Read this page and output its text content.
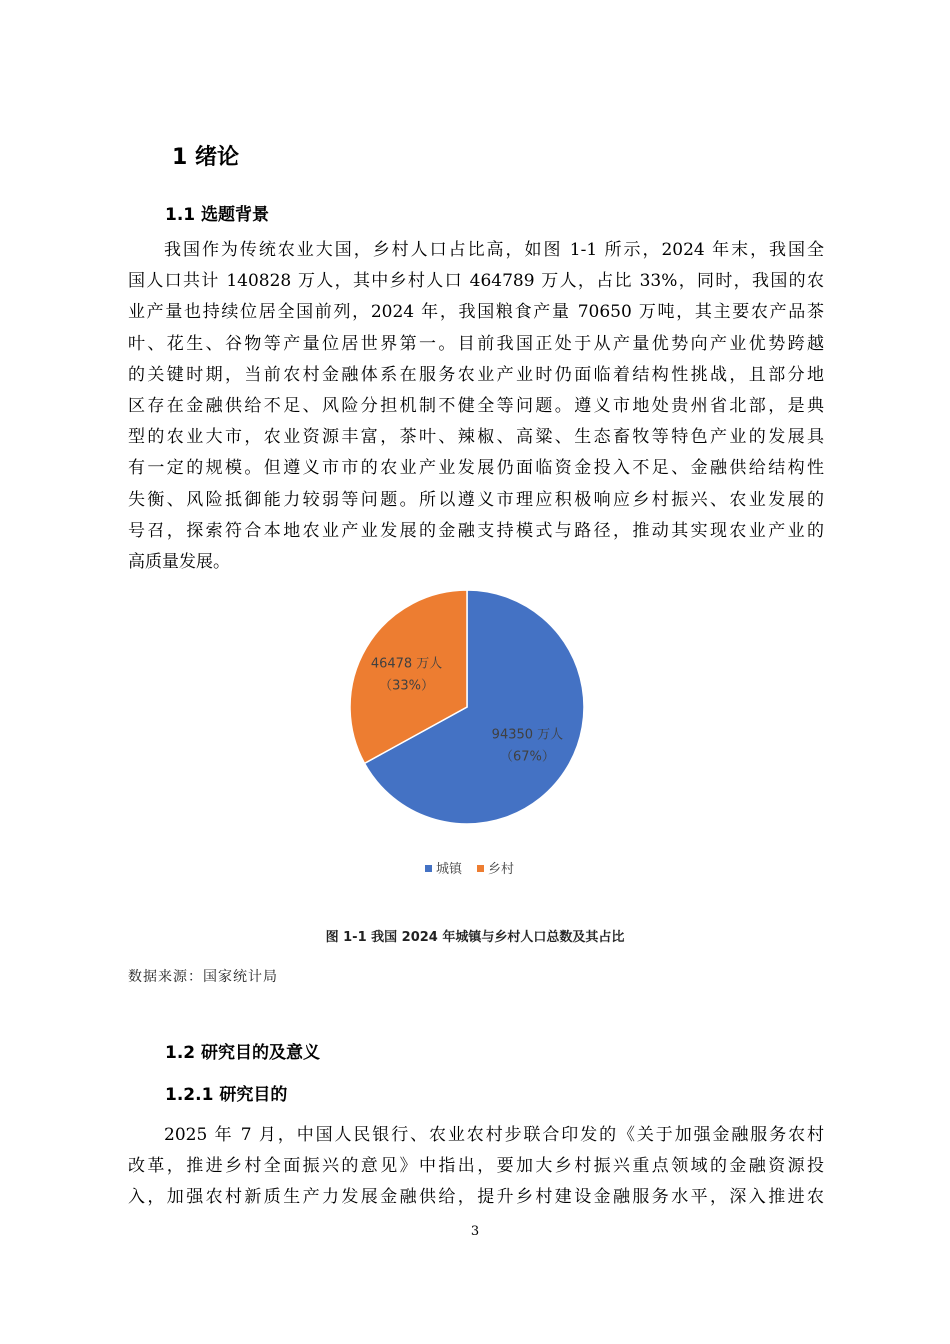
1 绪论
1.1 选题背景
我国作为传统农业大国，乡村人口占比高，如图 1-1 所示，2024 年末，我国全
国人口共计 140828 万人，其中乡村人口 464789 万人，占比 33%，同时，我国的农
业产量也持续位居全国前列，2024 年，我国粮食产量 70650 万吨，其主要农产品茶
叶、花生、谷物等产量位居世界第一。目前我国正处于从产量优势向产业优势跨越
的关键时期，当前农村金融体系在服务农业产业时仍面临着结构性挑战，且部分地
区存在金融供给不足、风险分担机制不健全等问题。遵义市地处贵州省北部，是典
型的农业大市，农业资源丰富，茶叶、辣椒、高粱、生态畜牧等特色产业的发展具
有一定的规模。但遵义市市的农业产业发展仍面临资金投入不足、金融供给结构性
失衡、风险抵御能力较弱等问题。所以遵义市理应积极响应乡村振兴、农业发展的
号召，探索符合本地农业产业发展的金融支持模式与路径，推动其实现农业产业的
高质量发展。
94350 万人
（67%）
46478 万人
（33%）
城镇 乡村
图 1-1 我国 2024 年城镇与乡村人口总数及其占比
数据来源：国家统计局
1.2 研究目的及意义
1.2.1 研究目的
2025 年 7 月，中国人民银行、农业农村步联合印发的《关于加强金融服务农村
改革，推进乡村全面振兴的意见》中指出，要加大乡村振兴重点领域的金融资源投
入，加强农村新质生产力发展金融供给，提升乡村建设金融服务水平，深入推进农
3
